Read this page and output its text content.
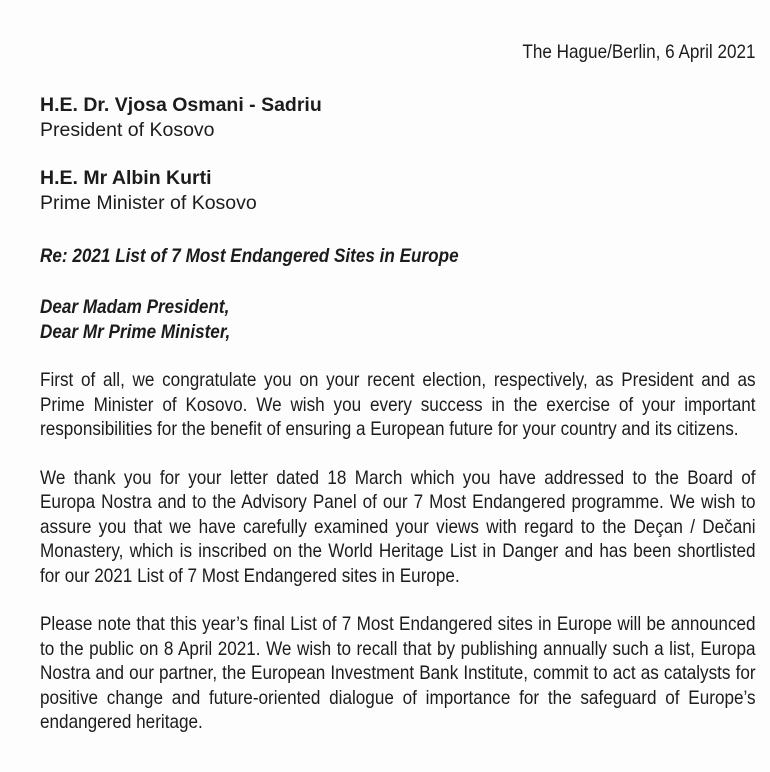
The Hague/Berlin, 6 April 2021
H.E. Dr. Vjosa Osmani - Sadriu
President of Kosovo
H.E. Mr Albin Kurti
Prime Minister of Kosovo
Re: 2021 List of 7 Most Endangered Sites in Europe
Dear Madam President,
Dear Mr Prime Minister,

First of all, we congratulate you on your recent election, respectively, as President and as Prime Minister of Kosovo. We wish you every success in the exercise of your important responsibilities for the benefit of ensuring a European future for your country and its citizens.

We thank you for your letter dated 18 March which you have addressed to the Board of Europa Nostra and to the Advisory Panel of our 7 Most Endangered programme. We wish to assure you that we have carefully examined your views with regard to the Deçan / Dečani Monastery, which is inscribed on the World Heritage List in Danger and has been shortlisted for our 2021 List of 7 Most Endangered sites in Europe.

Please note that this year’s final List of 7 Most Endangered sites in Europe will be announced to the public on 8 April 2021. We wish to recall that by publishing annually such a list, Europa Nostra and our partner, the European Investment Bank Institute, commit to act as catalysts for positive change and future-oriented dialogue of importance for the safeguard of Europe’s endangered heritage.
